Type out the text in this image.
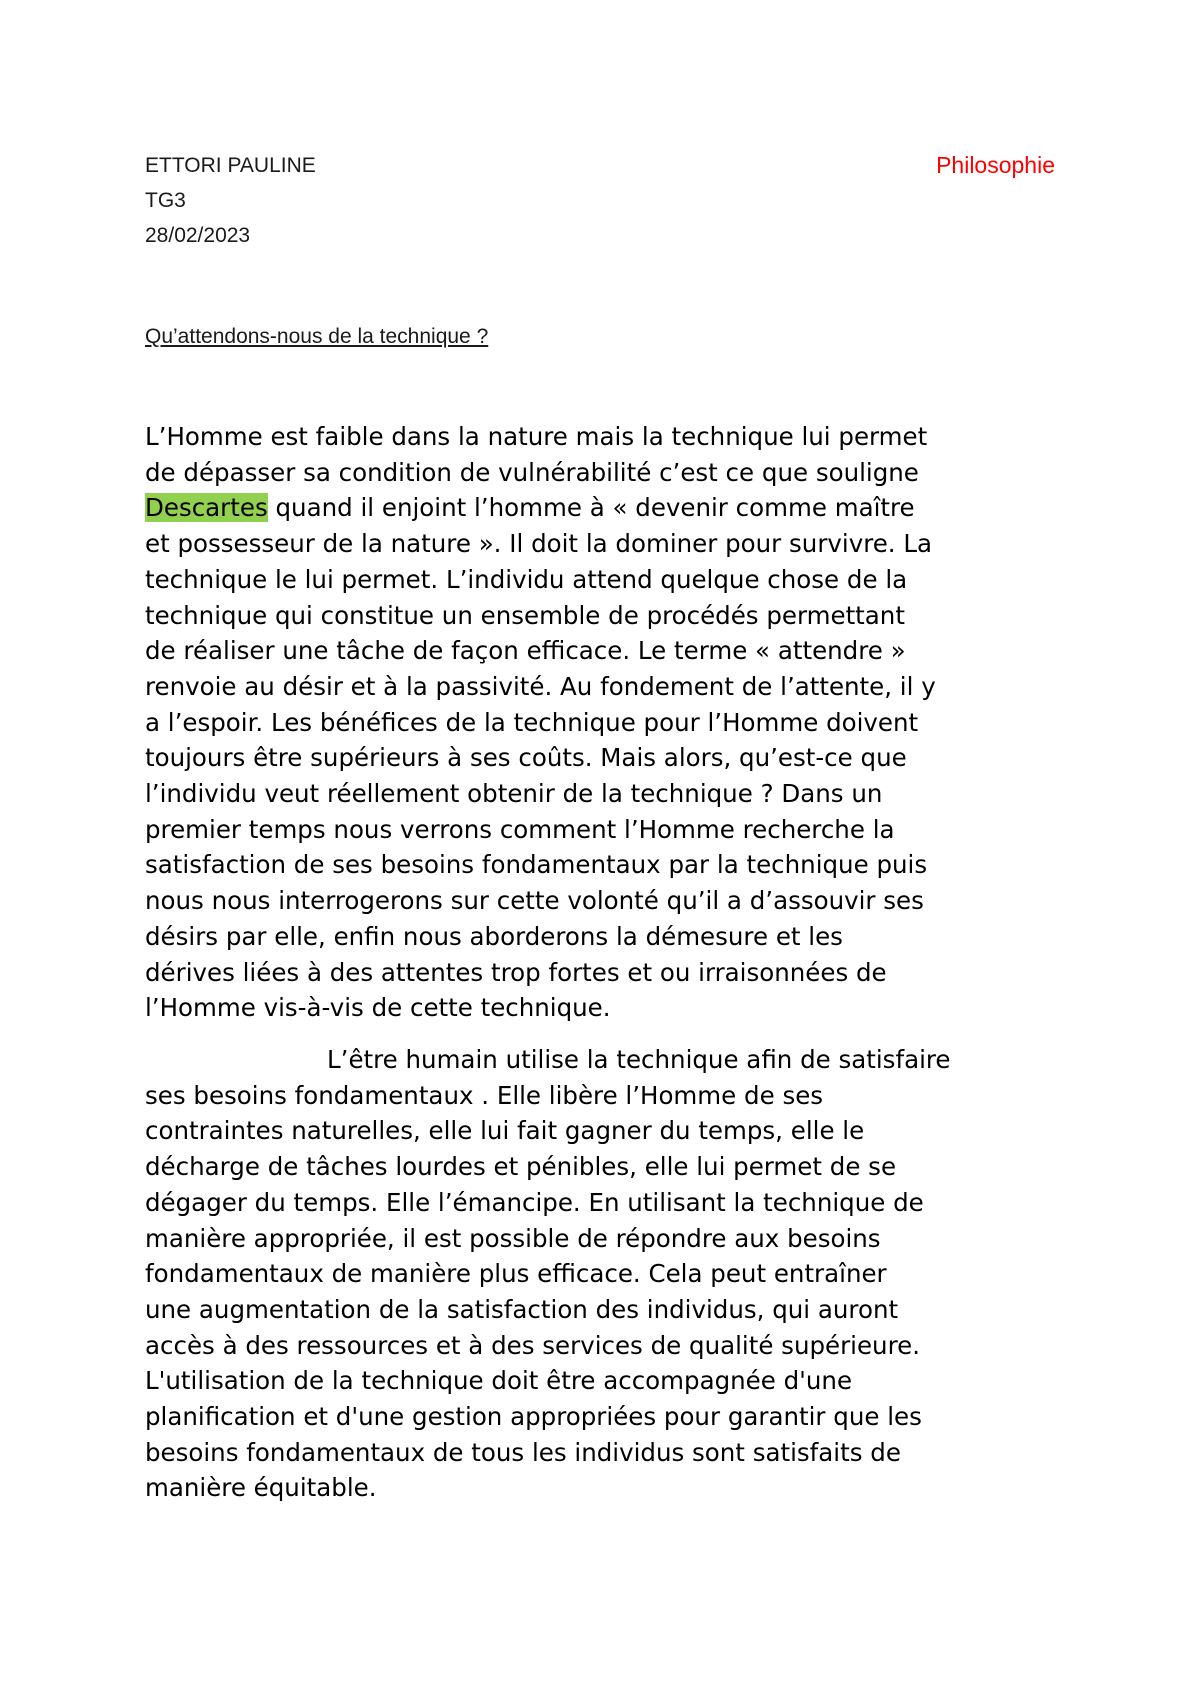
ETTORI PAULINE
TG3
28/02/2023
Philosophie
Qu’attendons-nous de la technique ?
L’Homme est faible dans la nature mais la technique lui permet
de dépasser sa condition de vulnérabilité c’est ce que souligne
Descartes quand il enjoint l’homme à « devenir comme maître
et possesseur de la nature ». Il doit la dominer pour survivre. La
technique le lui permet. L’individu attend quelque chose de la
technique qui constitue un ensemble de procédés permettant
de réaliser une tâche de façon efficace. Le terme « attendre »
renvoie au désir et à la passivité. Au fondement de l’attente, il y
a l’espoir. Les bénéfices de la technique pour l’Homme doivent
toujours être supérieurs à ses coûts. Mais alors, qu’est-ce que
l’individu veut réellement obtenir de la technique ? Dans un
premier temps nous verrons comment l’Homme recherche la
satisfaction de ses besoins fondamentaux par la technique puis
nous nous interrogerons sur cette volonté qu’il a d’assouvir ses
désirs par elle, enfin nous aborderons la démesure et les
dérives liées à des attentes trop fortes et ou irraisonnées de
l’Homme vis-à-vis de cette technique.
L’être humain utilise la technique afin de satisfaire
ses besoins fondamentaux . Elle libère l’Homme de ses
contraintes naturelles, elle lui fait gagner du temps, elle le
décharge de tâches lourdes et pénibles, elle lui permet de se
dégager du temps. Elle l’émancipe. En utilisant la technique de
manière appropriée, il est possible de répondre aux besoins
fondamentaux de manière plus efficace. Cela peut entraîner
une augmentation de la satisfaction des individus, qui auront
accès à des ressources et à des services de qualité supérieure.
L'utilisation de la technique doit être accompagnée d'une
planification et d'une gestion appropriées pour garantir que les
besoins fondamentaux de tous les individus sont satisfaits de
manière équitable.
